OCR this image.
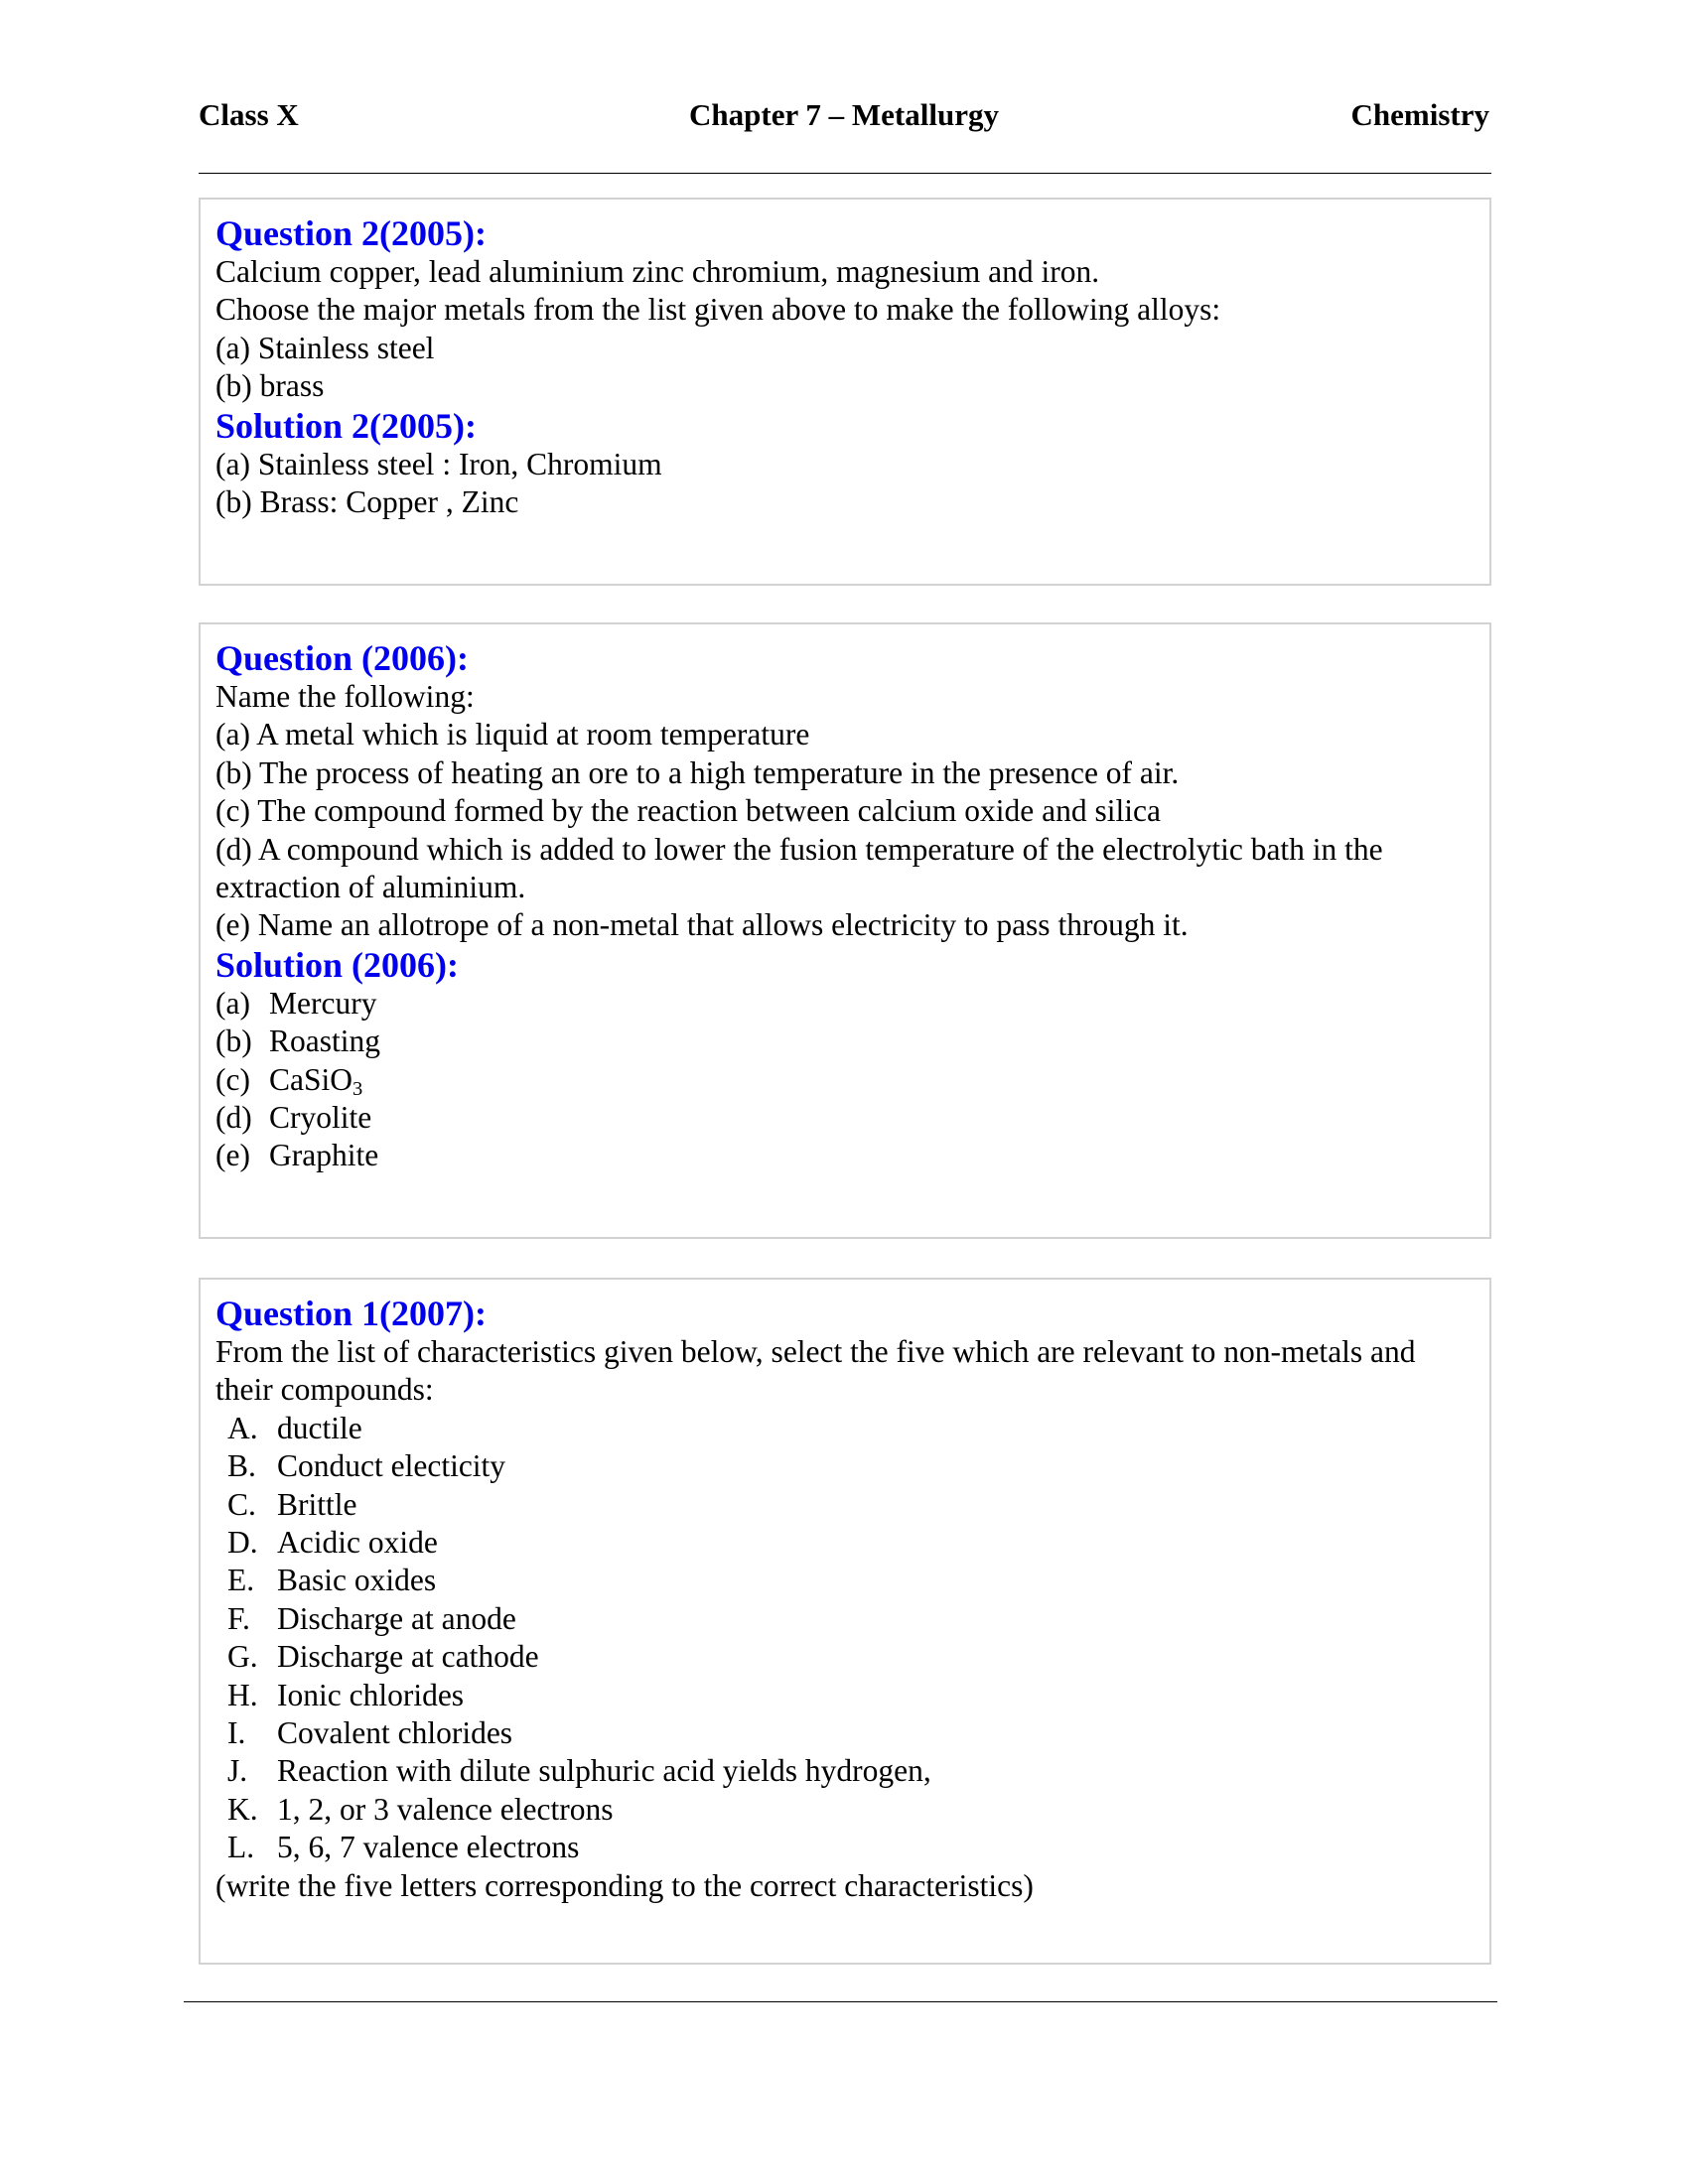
Chapter 7 – Metallurgy
Class X	Chemistry
Question 2(2005):
Calcium copper, lead aluminium zinc chromium, magnesium and iron.
Choose the major metals from the list given above to make the following alloys:
(a) Stainless steel
(b) brass
Solution 2(2005):
(a) Stainless steel : Iron, Chromium
(b) Brass: Copper , Zinc
Question (2006):
Name the following:
(a) A metal which is liquid at room temperature
(b) The process of heating an ore to a high temperature in the presence of air.
(c) The compound formed by the reaction between calcium oxide and silica
(d) A compound which is added to lower the fusion temperature of the electrolytic bath in the extraction of aluminium.
(e) Name an allotrope of a non-metal that allows electricity to pass through it.
Solution (2006):
(a) Mercury
(b) Roasting
(c) CaSiO$_3$
(d) Cryolite
(e) Graphite
Question 1(2007):
From the list of characteristics given below, select the five which are relevant to non-metals and their compounds:
A. ductile
B. Conduct electicity
C. Brittle
D. Acidic oxide
E. Basic oxides
F. Discharge at anode
G. Discharge at cathode
H. Ionic chlorides
I.	Covalent chlorides
J. Reaction with dilute sulphuric acid yields hydrogen,
K. 1, 2, or 3 valence electrons
L. 5, 6, 7 valence electrons
(write the five letters corresponding to the correct characteristics)
